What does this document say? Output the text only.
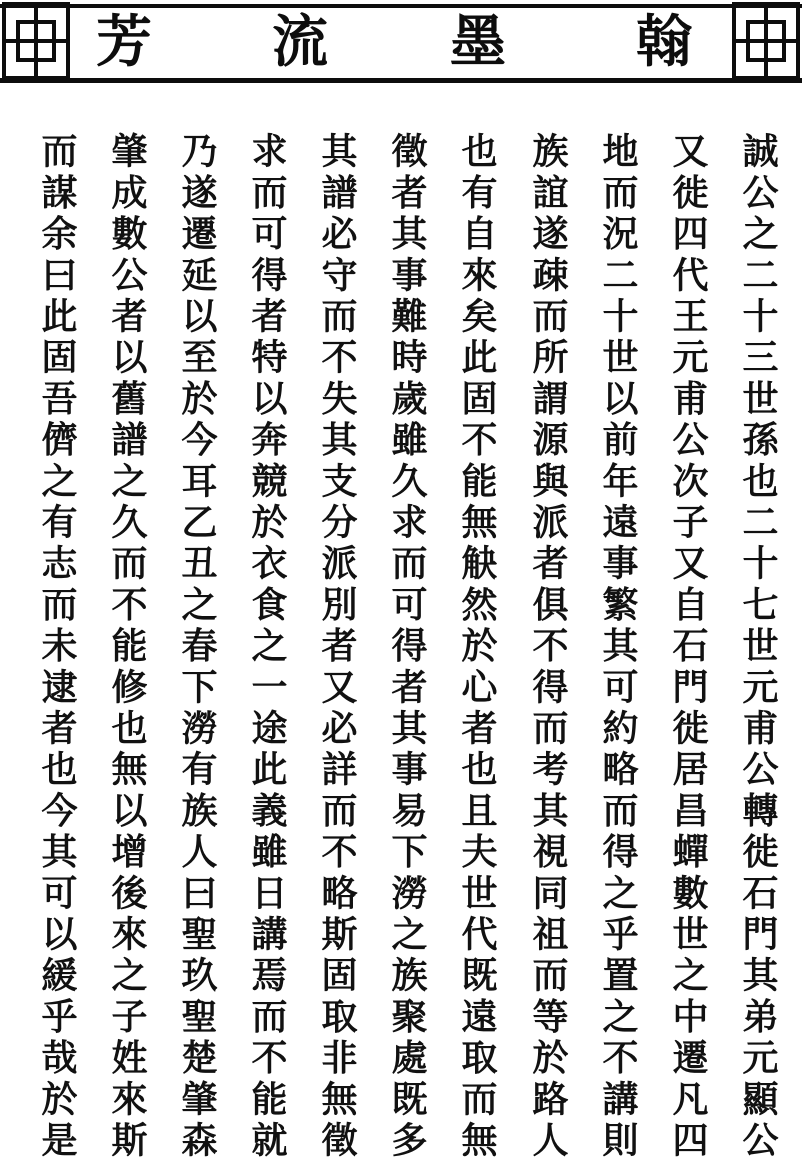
芳 流 墨 翰
誠公之二十三世孫也二十七世元甫公轉徙石門其弟元顯公
又徙四代王元甫公次子又自石門徙居昌蟬數世之中遷凡四
地而況二十世以前年遠事繁其可約略而得之乎置之不講則
族誼遂疎而所謂源與派者俱不得而考其視同祖而等於路人
也有自來矣此固不能無觖然於心者也且夫世代既遠取而無
徵者其事難時歲雖久求而可得者其事易下澇之族聚處既多
其譜必守而不失其支分派別者又必詳而不略斯固取非無徵
求而可得者特以奔競於衣食之一途此義雖日講焉而不能就
乃遂遷延以至於今耳乙丑之春下澇有族人曰聖玖聖楚肇森
肇成數公者以舊譜之久而不能修也無以增後來之子姓來斯
而謀余曰此固吾儕之有志而未逮者也今其可以緩乎哉於是
